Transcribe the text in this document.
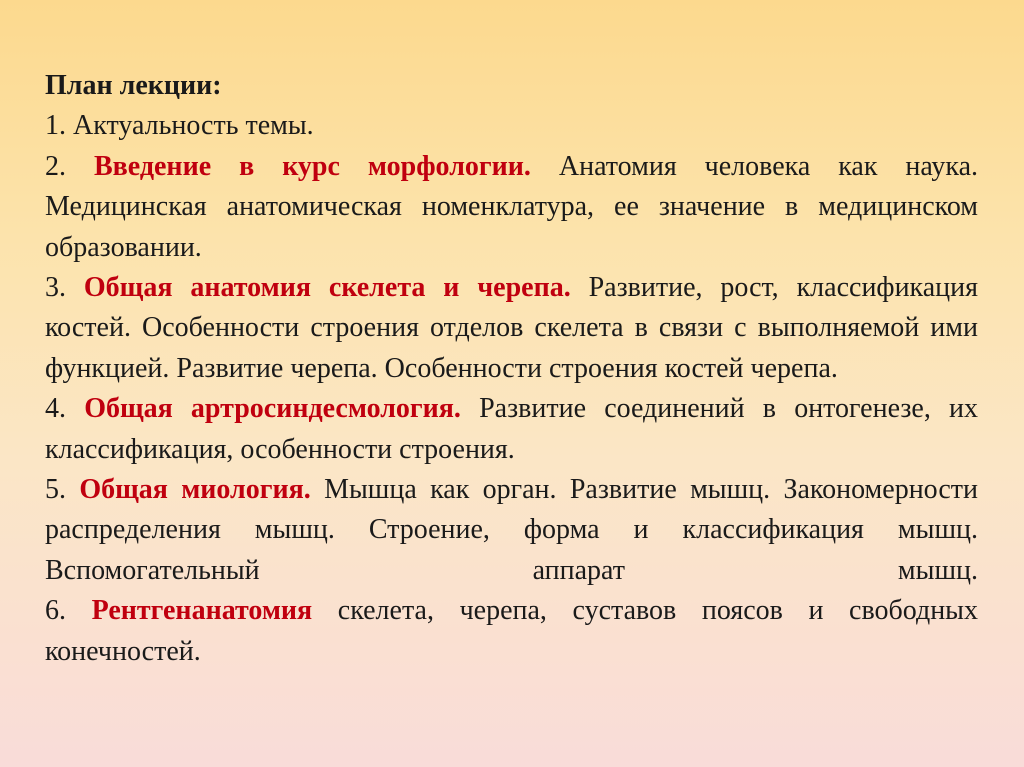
План лекции:

1. Актуальность темы.

2. Введение в курс морфологии. Анатомия человека как наука. Медицинская анатомическая номенклатура, ее значение в медицинском образовании.

3. Общая анатомия скелета и черепа. Развитие, рост, классификация костей. Особенности строения отделов скелета в связи с выполняемой ими функцией. Развитие черепа. Особенности строения костей черепа.

4. Общая артросиндесмология. Развитие соединений в онтогенезе, их классификация, особенности строения.

5. Общая миология. Мышца как орган. Развитие мышц. Закономерности распределения мышц. Строение, форма и классификация мышц. Вспомогательный аппарат мышц.

6. Рентгенанатомия скелета, черепа, суставов поясов и свободных конечностей.
